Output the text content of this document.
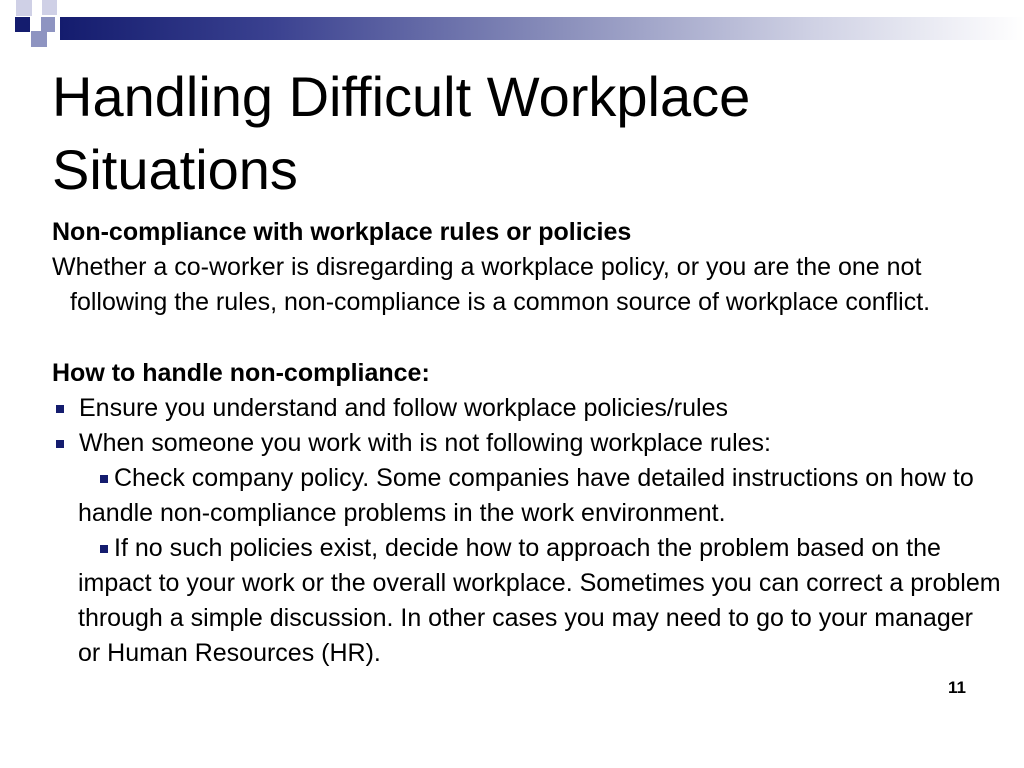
Handling Difficult Workplace Situations

Non-compliance with workplace rules or policies

Whether a co-worker is disregarding a workplace policy, or you are the one not following the rules, non-compliance is a common source of workplace conflict.

How to handle non-compliance:

Ensure you understand and follow workplace policies/rules
When someone you work with is not following workplace rules:
Check company policy. Some companies have detailed instructions on how to handle non-compliance problems in the work environment.
If no such policies exist, decide how to approach the problem based on the impact to your work or the overall workplace. Sometimes you can correct a problem through a simple discussion. In other cases you may need to go to your manager or Human Resources (HR).
11
